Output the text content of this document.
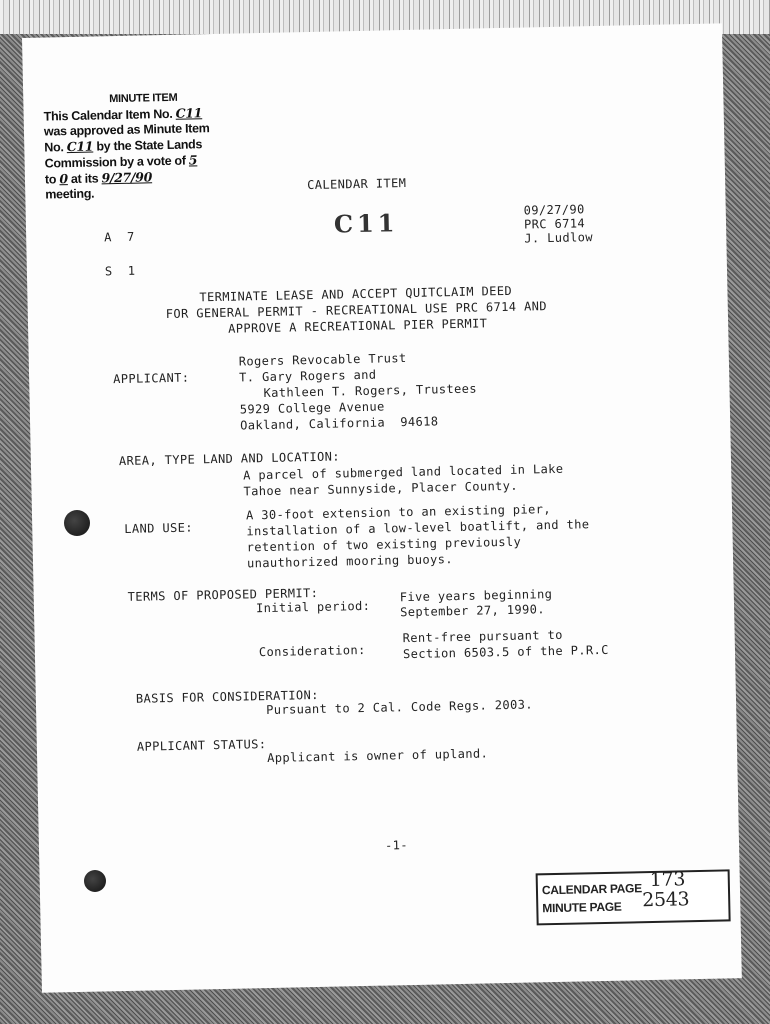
MINUTE ITEM
This Calendar Item No. C11
was approved as Minute Item
No. C11 by the State Lands
Commission by a vote of 5
to 0 at its 9/27/90
meeting.
CALENDAR ITEM
C11
A  7
S  1
09/27/90
PRC 6714
J. Ludlow
TERMINATE LEASE AND ACCEPT QUITCLAIM DEED
FOR GENERAL PERMIT - RECREATIONAL USE PRC 6714 AND
APPROVE A RECREATIONAL PIER PERMIT
APPLICANT:
Rogers Revocable Trust
T. Gary Rogers and
Kathleen T. Rogers, Trustees
5929 College Avenue
Oakland, California  94618
AREA, TYPE LAND AND LOCATION:
A parcel of submerged land located in Lake
Tahoe near Sunnyside, Placer County.
LAND USE:
A 30-foot extension to an existing pier,
installation of a low-level boatlift, and the
retention of two existing previously
unauthorized mooring buoys.
TERMS OF PROPOSED PERMIT:
Initial period:
Five years beginning
September 27, 1990.
Consideration:
Rent-free pursuant to
Section 6503.5 of the P.R.C
BASIS FOR CONSIDERATION:
Pursuant to 2 Cal. Code Regs. 2003.
APPLICANT STATUS:
Applicant is owner of upland.
-1-
CALENDAR PAGE 173
MINUTE PAGE 2543
